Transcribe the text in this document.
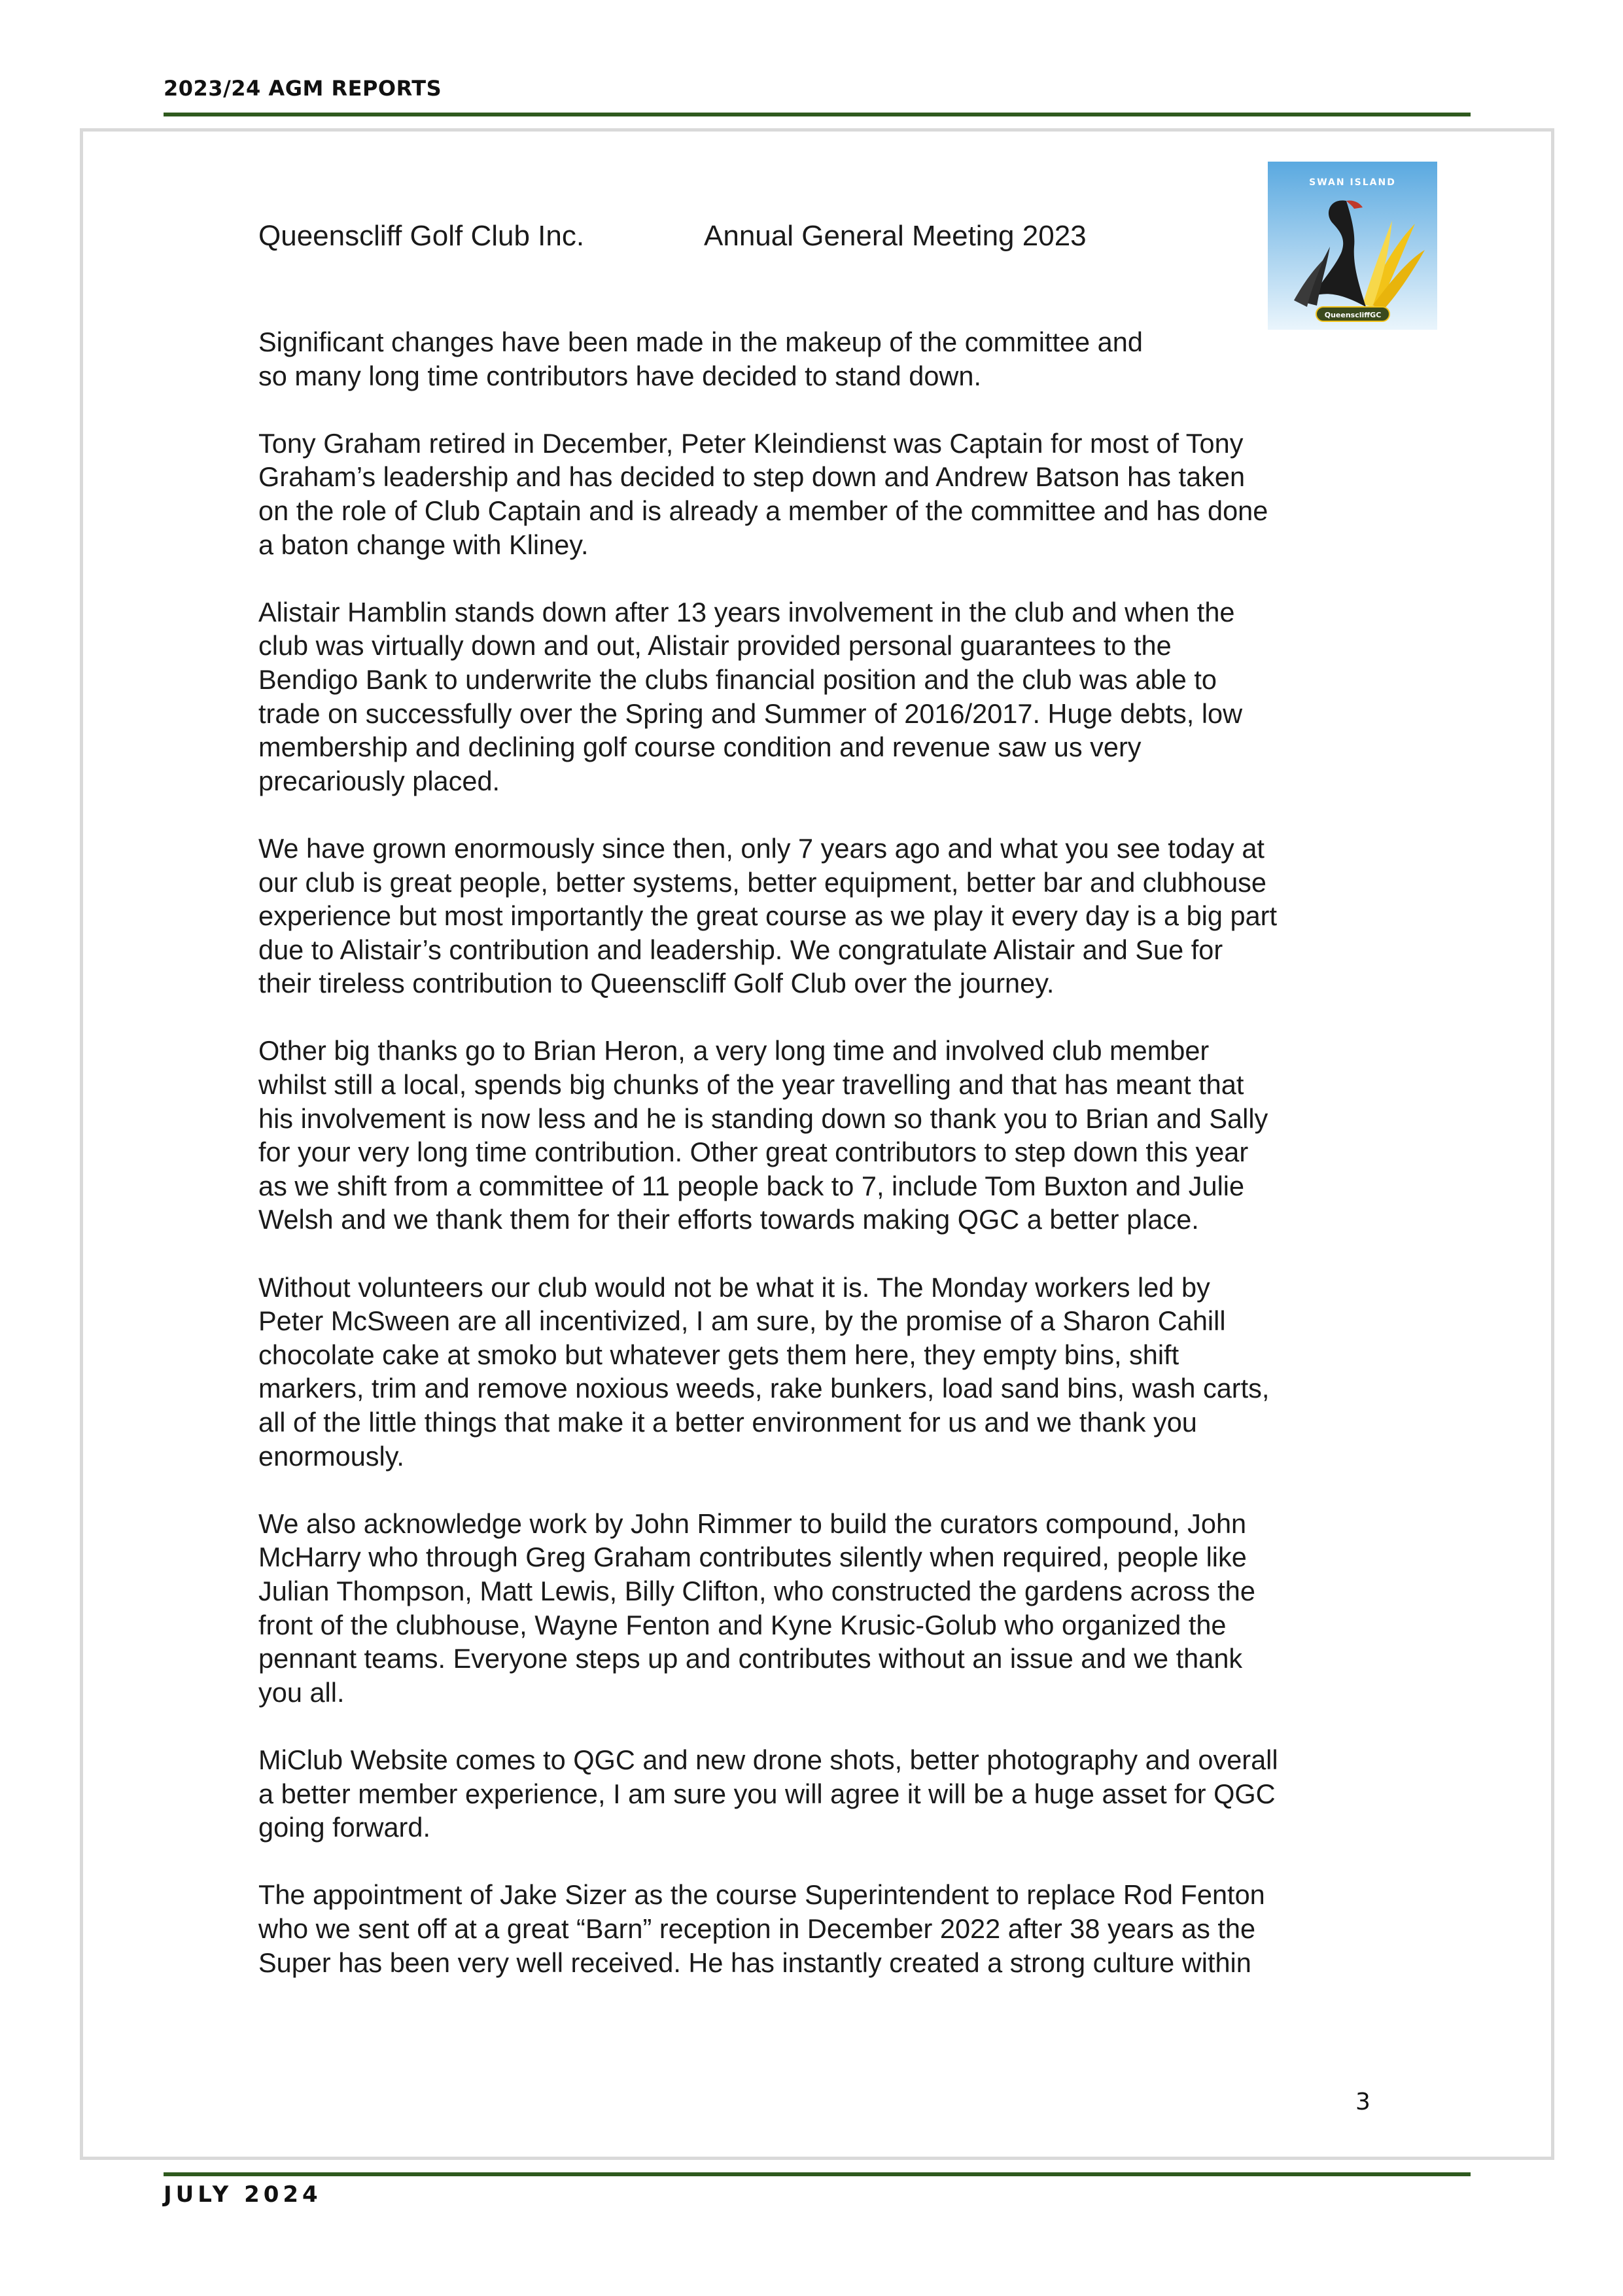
2023/24 AGM REPORTS
SWAN ISLAND
QueenscliffGC
Queenscliff Golf Club Inc.	Annual General Meeting 2023

Significant changes have been made in the makeup of the committee and
so many long time contributors have decided to stand down.

Tony Graham retired in December, Peter Kleindienst was Captain for most of Tony
Graham’s leadership and has decided to step down and Andrew Batson has taken
on the role of Club Captain and is already a member of the committee and has done
a baton change with Kliney.

Alistair Hamblin stands down after 13 years involvement in the club and when the
club was virtually down and out, Alistair provided personal guarantees to the
Bendigo Bank to underwrite the clubs financial position and the club was able to
trade on successfully over the Spring and Summer of 2016/2017. Huge debts, low
membership and declining golf course condition and revenue saw us very
precariously placed.

We have grown enormously since then, only 7 years ago and what you see today at
our club is great people, better systems, better equipment, better bar and clubhouse
experience but most importantly the great course as we play it every day is a big part
due to Alistair’s contribution and leadership. We congratulate Alistair and Sue for
their tireless contribution to Queenscliff Golf Club over the journey.

Other big thanks go to Brian Heron, a very long time and involved club member
whilst still a local, spends big chunks of the year travelling and that has meant that
his involvement is now less and he is standing down so thank you to Brian and Sally
for your very long time contribution. Other great contributors to step down this year
as we shift from a committee of 11 people back to 7, include Tom Buxton and Julie
Welsh and we thank them for their efforts towards making QGC a better place.

Without volunteers our club would not be what it is. The Monday workers led by
Peter McSween are all incentivized, I am sure, by the promise of a Sharon Cahill
chocolate cake at smoko but whatever gets them here, they empty bins, shift
markers, trim and remove noxious weeds, rake bunkers, load sand bins, wash carts,
all of the little things that make it a better environment for us and we thank you
enormously.

We also acknowledge work by John Rimmer to build the curators compound, John
McHarry who through Greg Graham contributes silently when required, people like
Julian Thompson, Matt Lewis, Billy Clifton, who constructed the gardens across the
front of the clubhouse, Wayne Fenton and Kyne Krusic-Golub who organized the
pennant teams. Everyone steps up and contributes without an issue and we thank
you all.

MiClub Website comes to QGC and new drone shots, better photography and overall
a better member experience, I am sure you will agree it will be a huge asset for QGC
going forward.

The appointment of Jake Sizer as the course Superintendent to replace Rod Fenton
who we sent off at a great “Barn” reception in December 2022 after 38 years as the
Super has been very well received. He has instantly created a strong culture within

3
JULY 2024
